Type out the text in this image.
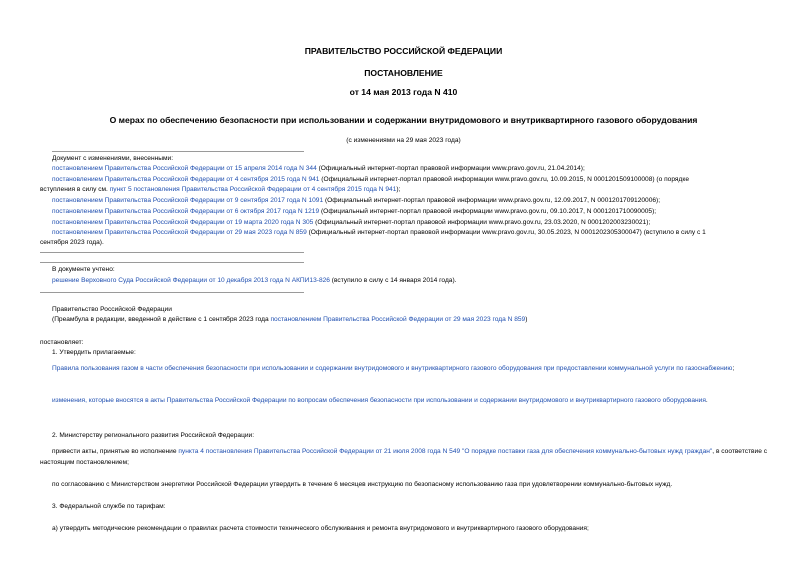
ПРАВИТЕЛЬСТВО РОССИЙСКОЙ ФЕДЕРАЦИИ
ПОСТАНОВЛЕНИЕ
от 14 мая 2013 года N 410
О мерах по обеспечению безопасности при использовании и содержании внутридомового и внутриквартирного газового оборудования
(с изменениями на 29 мая 2023 года)
Документ с изменениями, внесенными:
постановлением Правительства Российской Федерации от 15 апреля 2014 года N 344 (Официальный интернет-портал правовой информации www.pravo.gov.ru, 21.04.2014);
постановлением Правительства Российской Федерации от 4 сентября 2015 года N 941 (Официальный интернет-портал правовой информации www.pravo.gov.ru, 10.09.2015, N 0001201509100008) (о порядке
вступления в силу см. пункт 5 постановления Правительства Российской Федерации от 4 сентября 2015 года N 941);
постановлением Правительства Российской Федерации от 9 сентября 2017 года N 1091 (Официальный интернет-портал правовой информации www.pravo.gov.ru, 12.09.2017, N 0001201709120006);
постановлением Правительства Российской Федерации от 6 октября 2017 года N 1219 (Официальный интернет-портал правовой информации www.pravo.gov.ru, 09.10.2017, N 0001201710090005);
постановлением Правительства Российской Федерации от 19 марта 2020 года N 305 (Официальный интернет-портал правовой информации www.pravo.gov.ru, 23.03.2020, N 0001202003230021);
постановлением Правительства Российской Федерации от 29 мая 2023 года N 859 (Официальный интернет-портал правовой информации www.pravo.gov.ru, 30.05.2023, N 0001202305300047) (вступило в силу с 1
сентября 2023 года).
В документе учтено:
решение Верховного Суда Российской Федерации от 10 декабря 2013 года N АКПИ13-826 (вступило в силу с 14 января 2014 года).
Правительство Российской Федерации
(Преамбула в редакции, введенной в действие с 1 сентября 2023 года постановлением Правительства Российской Федерации от 29 мая 2023 года N 859)
постановляет:
1. Утвердить прилагаемые:
Правила пользования газом в части обеспечения безопасности при использовании и содержании внутридомового и внутриквартирного газового оборудования при предоставлении коммунальной услуги по газоснабжению;
изменения, которые вносятся в акты Правительства Российской Федерации по вопросам обеспечения безопасности при использовании и содержании внутридомового и внутриквартирного газового оборудования.
2. Министерству регионального развития Российской Федерации:
привести акты, принятые во исполнение пункта 4 постановления Правительства Российской Федерации от 21 июля 2008 года N 549 "О порядке поставки газа для обеспечения коммунально-бытовых нужд граждан", в соответствие с настоящим постановлением;
по согласованию с Министерством энергетики Российской Федерации утвердить в течение 6 месяцев инструкцию по безопасному использованию газа при удовлетворении коммунально-бытовых нужд.
3. Федеральной службе по тарифам:
а) утвердить методические рекомендации о правилах расчета стоимости технического обслуживания и ремонта внутридомового и внутриквартирного газового оборудования;
